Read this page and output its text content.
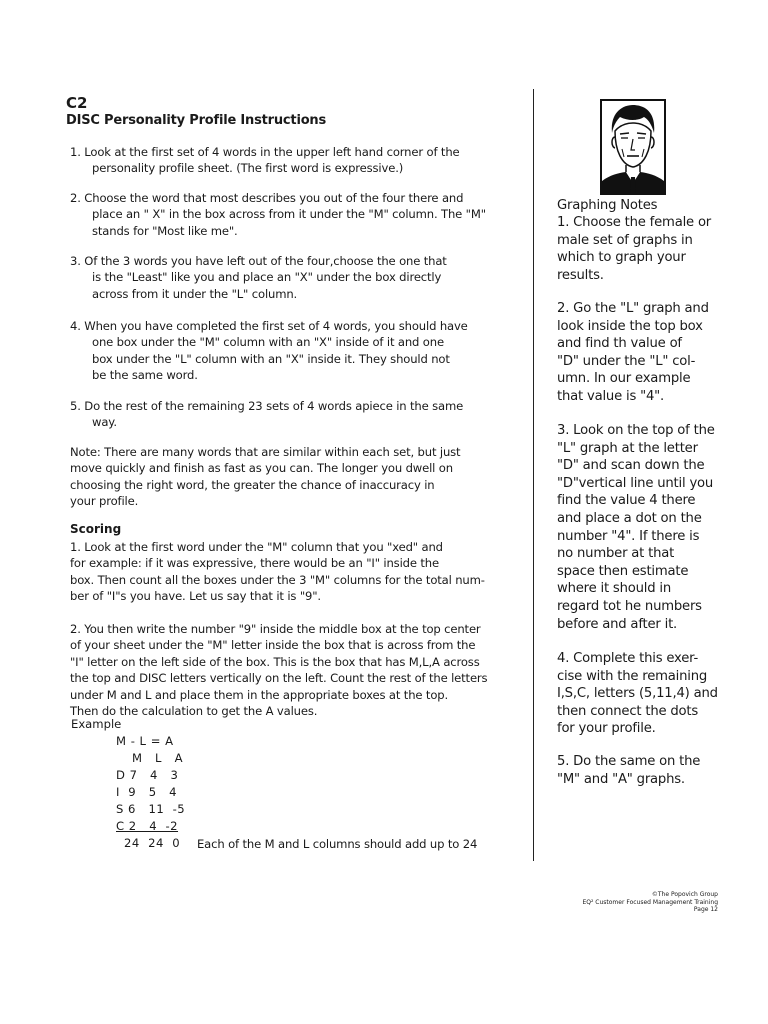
C2
DISC Personality Profile Instructions
1. Look at the first set of 4 words in the upper left hand corner of the
personality profile sheet. (The first word is expressive.)
2. Choose the word that most describes you out of the four there and
place an " X" in the box across from it under the "M" column. The "M"
stands for "Most like me".
3. Of the 3 words you have left out of the four,choose the one that
is the "Least" like you and place an "X" under the box directly
across from it under the "L" column.
4. When you have completed the first set of 4 words, you should have
one box under the "M" column with an "X" inside of it and one
box under the "L" column with an "X" inside it. They should not
be the same word.
5. Do the rest of the remaining 23 sets of 4 words apiece in the same
way.
Note: There are many words that are similar within each set, but just
move quickly and finish as fast as you can. The longer you dwell on
choosing the right word, the greater the chance of inaccuracy in
your profile.
Scoring
1. Look at the first word under the "M" column that you "xed" and
for example: if it was expressive, there would be an "I" inside the
box. Then count all the boxes under the 3 "M" columns for the total num-
ber of "I"s you have. Let us say that it is "9".
2. You then write the number "9" inside the middle box at the top center
of your sheet under the "M" letter inside the box that is across from the
"I" letter on the left side of the box. This is the box that has M,L,A across
the top and DISC letters vertically on the left. Count the rest of the letters
under M and L and place them in the appropriate boxes at the top.
Then do the calculation to get the A values.
Example
M - L = A
M   L   A
D 7   4   3
I  9   5   4
S 6   11  -5
C 2   4  -2
24  24  0 Each of the M and L columns should add up to 24
Graphing Notes
1. Choose the female or
male set of graphs in
which to graph your
results.
2. Go the "L" graph and
look inside the top box
and find th value of
"D" under the "L" col-
umn. In our example
that value is "4".
3. Look on the top of the
"L" graph at the letter
"D" and scan down the
"D"vertical line until you
find the value 4 there
and place a dot on the
number "4". If there is
no number at that
space then estimate
where it should in
regard tot he numbers
before and after it.
4. Complete this exer-
cise with the remaining
I,S,C, letters (5,11,4) and
then connect the dots
for your profile.
5. Do the same on the
"M" and "A" graphs.
©The Popovich Group
EQ² Customer Focused Management Training
Page 12
